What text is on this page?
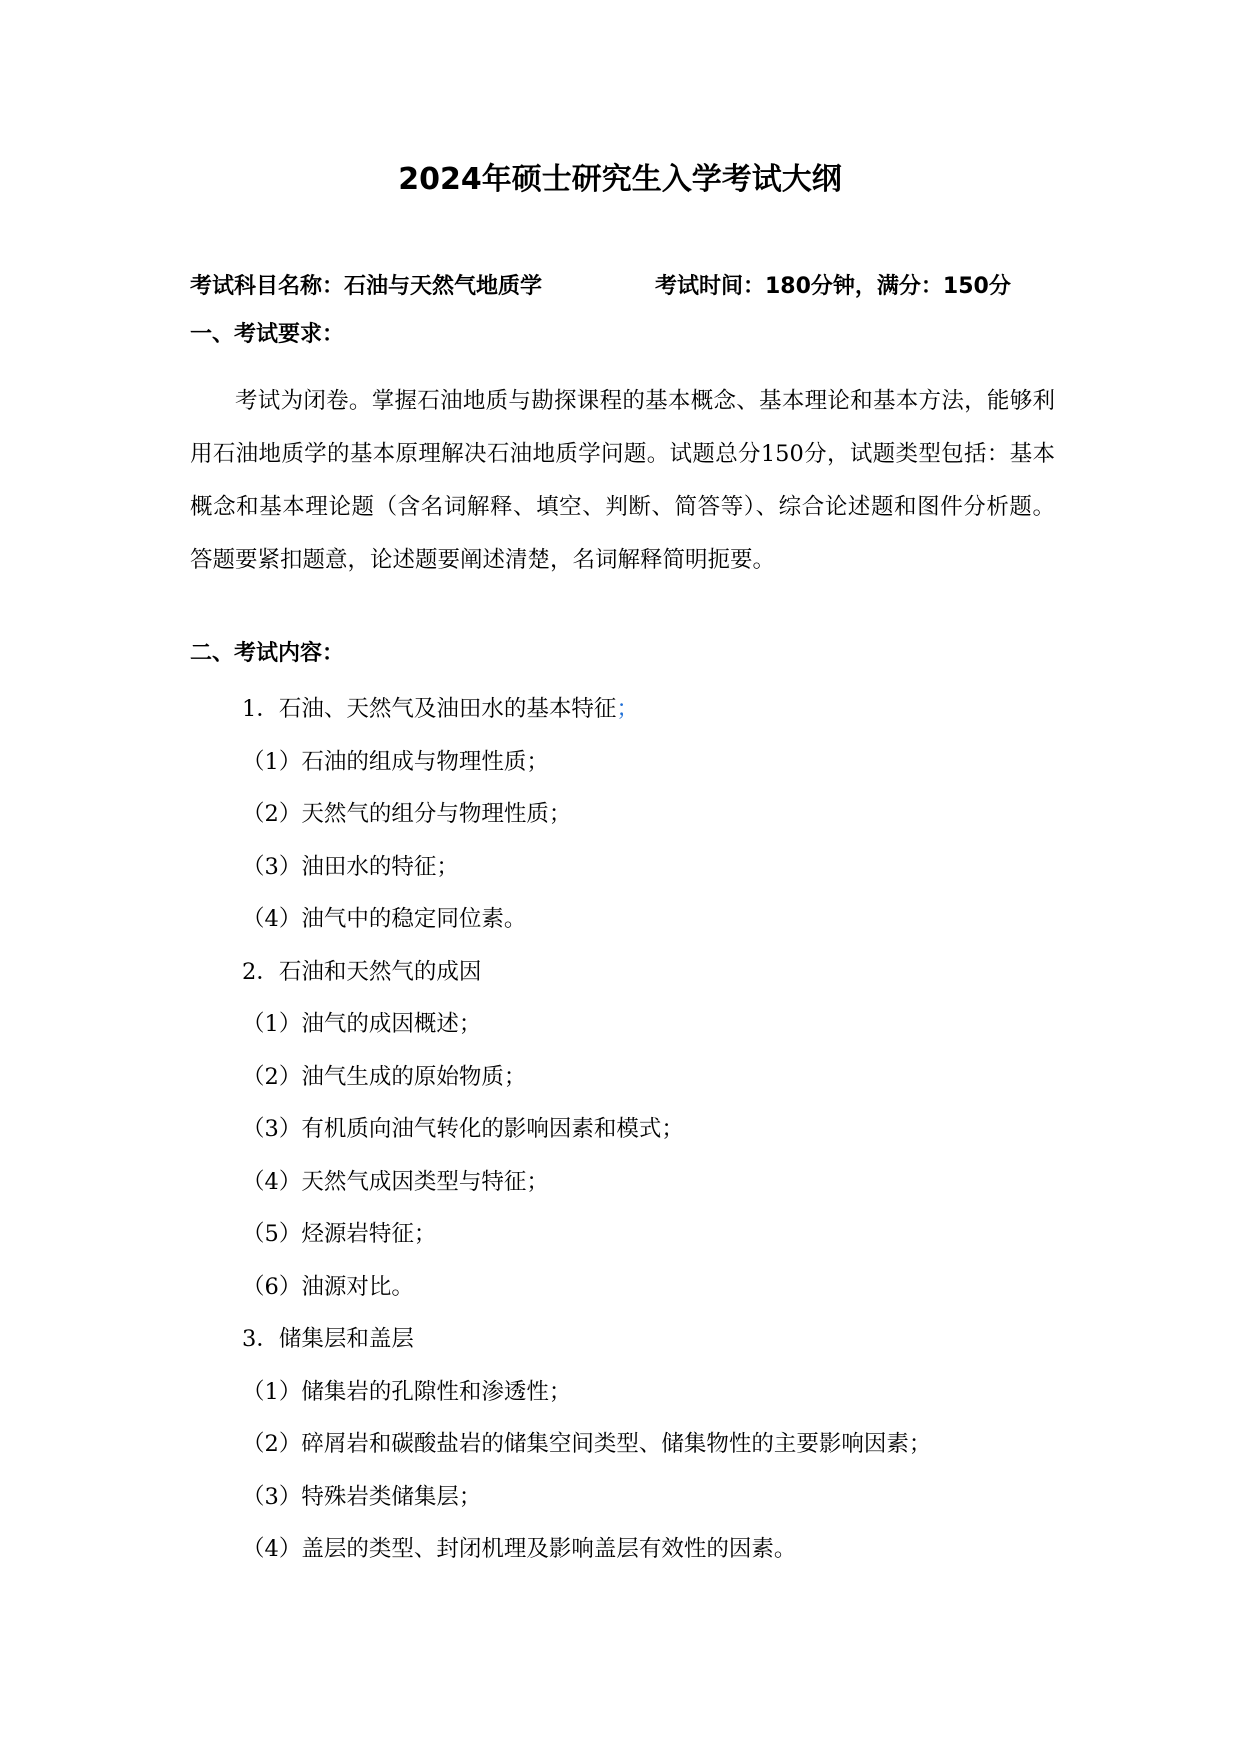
2024年硕士研究生入学考试大纲
考试科目名称：石油与天然气地质学	考试时间：180分钟，满分：150分
一、考试要求：
考试为闭卷。掌握石油地质与勘探课程的基本概念、基本理论和基本方法，能够利用石油地质学的基本原理解决石油地质学问题。试题总分150分，试题类型包括：基本概念和基本理论题（含名词解释、填空、判断、简答等）、综合论述题和图件分析题。答题要紧扣题意，论述题要阐述清楚，名词解释简明扼要。
二、考试内容：
1．石油、天然气及油田水的基本特征；
（1）石油的组成与物理性质；
（2）天然气的组分与物理性质；
（3）油田水的特征；
（4）油气中的稳定同位素。
2．石油和天然气的成因
（1）油气的成因概述；
（2）油气生成的原始物质；
（3）有机质向油气转化的影响因素和模式；
（4）天然气成因类型与特征；
（5）烃源岩特征；
（6）油源对比。
3．储集层和盖层
（1）储集岩的孔隙性和渗透性；
（2）碎屑岩和碳酸盐岩的储集空间类型、储集物性的主要影响因素；
（3）特殊岩类储集层；
（4）盖层的类型、封闭机理及影响盖层有效性的因素。
